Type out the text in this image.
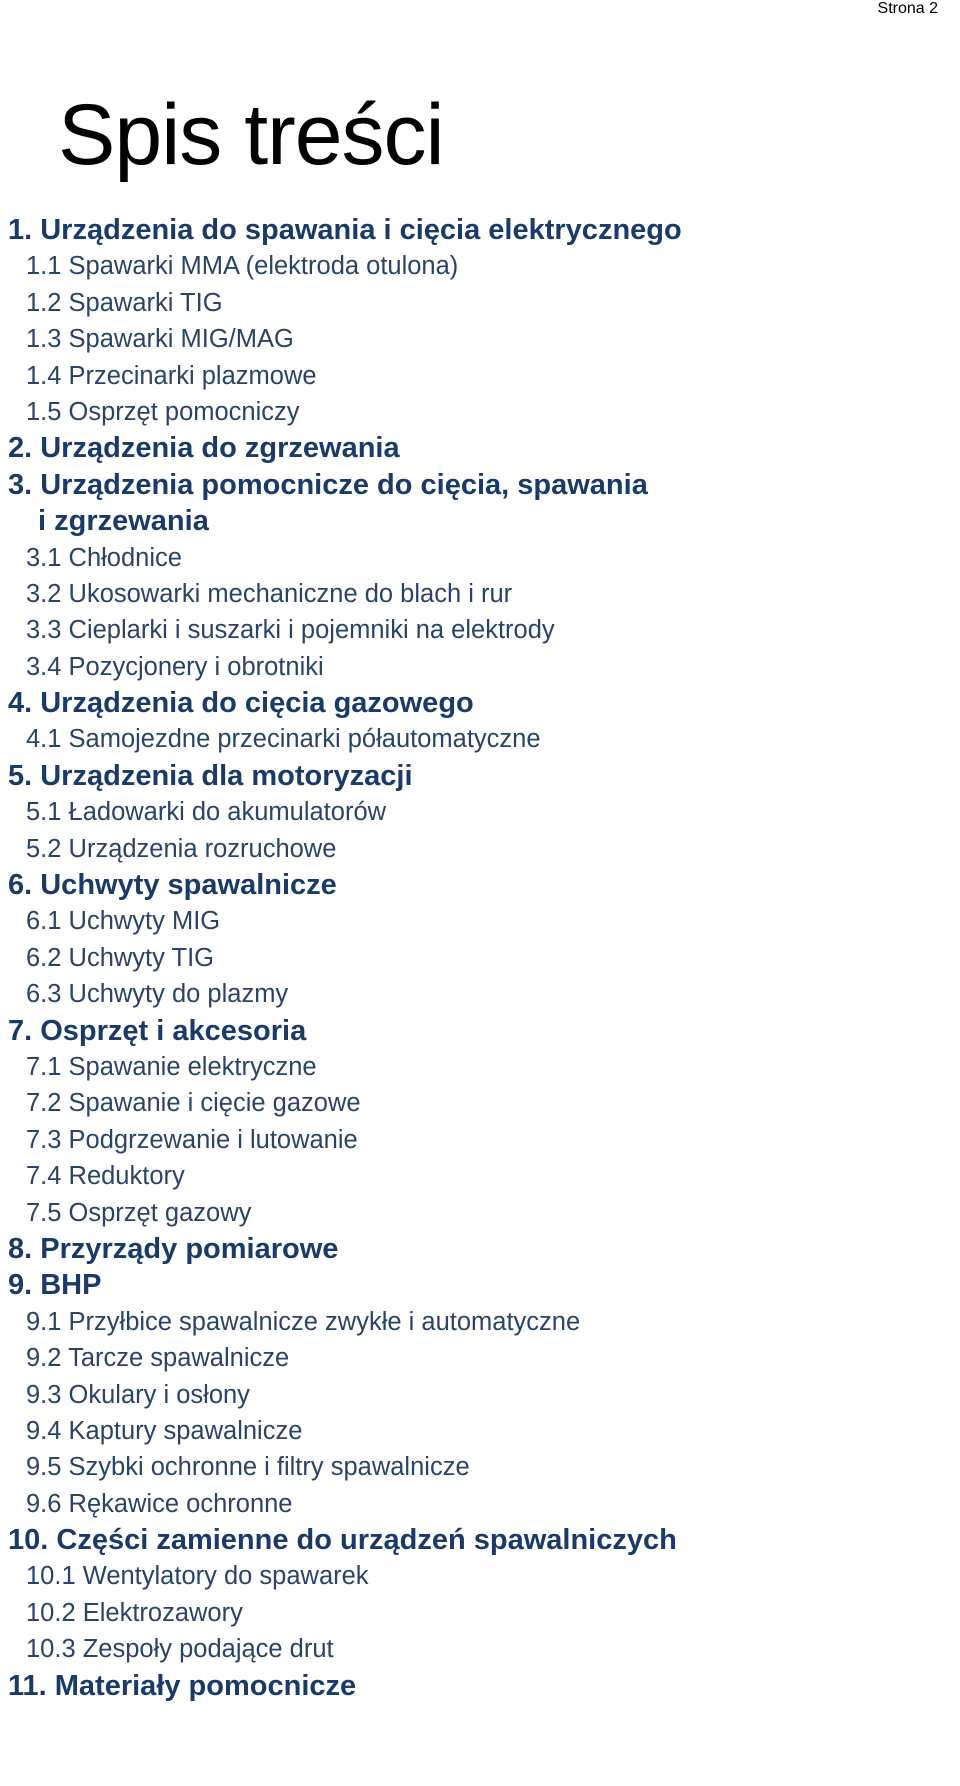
Strona 2
Spis treści
1. Urządzenia do spawania i cięcia elektrycznego
1.1 Spawarki MMA (elektroda otulona)
1.2 Spawarki TIG
1.3 Spawarki MIG/MAG
1.4 Przecinarki plazmowe
1.5 Osprzęt pomocniczy
2. Urządzenia do zgrzewania
3. Urządzenia pomocnicze do cięcia, spawania
i zgrzewania
3.1 Chłodnice
3.2 Ukosowarki mechaniczne do blach i rur
3.3 Cieplarki i suszarki i pojemniki na elektrody
3.4 Pozycjonery i obrotniki
4. Urządzenia do cięcia gazowego
4.1 Samojezdne przecinarki półautomatyczne
5. Urządzenia dla motoryzacji
5.1 Ładowarki do akumulatorów
5.2 Urządzenia rozruchowe
6. Uchwyty spawalnicze
6.1 Uchwyty MIG
6.2 Uchwyty TIG
6.3 Uchwyty do plazmy
7. Osprzęt i akcesoria
7.1 Spawanie elektryczne
7.2 Spawanie i cięcie gazowe
7.3 Podgrzewanie i lutowanie
7.4 Reduktory
7.5 Osprzęt gazowy
8. Przyrządy pomiarowe
9. BHP
9.1 Przyłbice spawalnicze zwykłe i automatyczne
9.2 Tarcze spawalnicze
9.3 Okulary i osłony
9.4 Kaptury spawalnicze
9.5 Szybki ochronne i filtry spawalnicze
9.6 Rękawice ochronne
10. Części zamienne do urządzeń spawalniczych
10.1 Wentylatory do spawarek
10.2 Elektrozawory
10.3 Zespoły podające drut
11. Materiały pomocnicze
